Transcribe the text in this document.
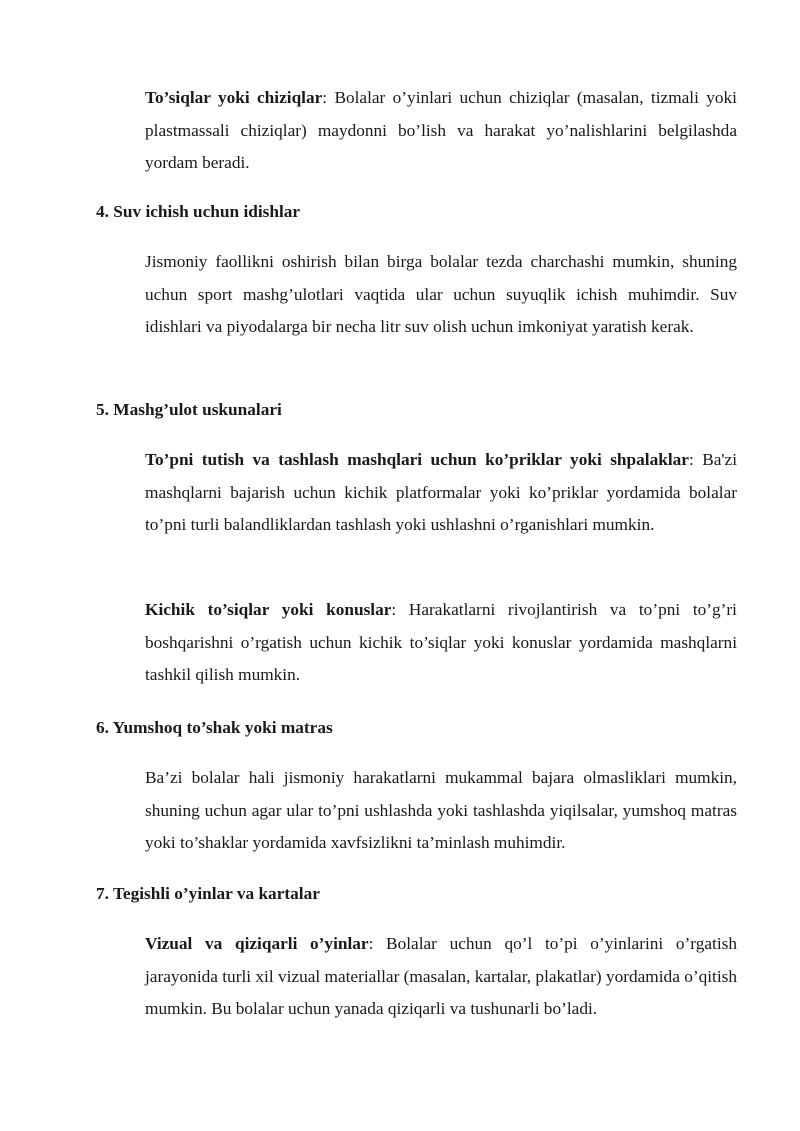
To’siqlar yoki chiziqlar: Bolalar o’yinlari uchun chiziqlar (masalan, tizmali yoki plastmassali chiziqlar) maydonni bo’lish va harakat yo’nalishlarini belgilashda yordam beradi.

4. Suv ichish uchun idishlar

Jismoniy faollikni oshirish bilan birga bolalar tezda charchashi mumkin, shuning uchun sport mashg’ulotlari vaqtida ular uchun suyuqlik ichish muhimdir. Suv idishlari va piyodalarga bir necha litr suv olish uchun imkoniyat yaratish kerak.

5. Mashg’ulot uskunalari

To’pni tutish va tashlash mashqlari uchun ko’priklar yoki shpalaklar: Ba'zi mashqlarni bajarish uchun kichik platformalar yoki ko’priklar yordamida bolalar to’pni turli balandliklardan tashlash yoki ushlashni o’rganishlari mumkin.

Kichik to’siqlar yoki konuslar: Harakatlarni rivojlantirish va to’pni to’g’ri boshqarishni o’rgatish uchun kichik to’siqlar yoki konuslar yordamida mashqlarni tashkil qilish mumkin.

6. Yumshoq to’shak yoki matras

Ba’zi bolalar hali jismoniy harakatlarni mukammal bajara olmasliklari mumkin, shuning uchun agar ular to’pni ushlashda yoki tashlashda yiqilsalar, yumshoq matras yoki to’shaklar yordamida xavfsizlikni ta’minlash muhimdir.

7. Tegishli o’yinlar va kartalar

Vizual va qiziqarli o’yinlar: Bolalar uchun qo’l to’pi o’yinlarini o’rgatish jarayonida turli xil vizual materiallar (masalan, kartalar, plakatlar) yordamida o’qitish mumkin. Bu bolalar uchun yanada qiziqarli va tushunarli bo’ladi.
